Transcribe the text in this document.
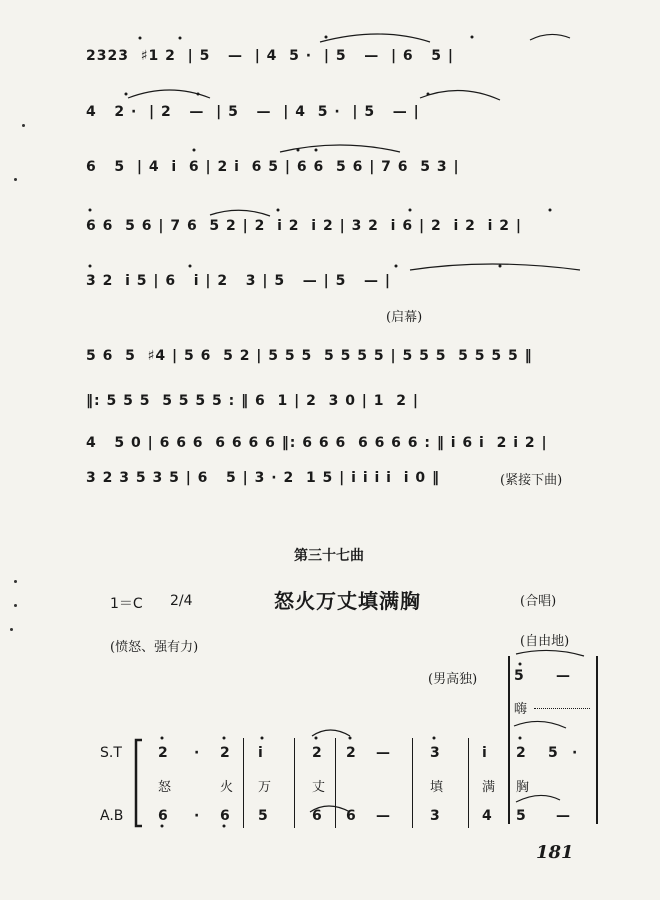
2323  ♯1 2  | 5   —  | 4  5 ·  | 5   —  | 6   5 |
4   2 ·  | 2   —  | 5   —  | 4  5 ·  | 5   — |
6   5  | 4  i  6 | 2 i  6 5 | 6 6  5 6 | 7 6  5 3 |
6 6  5 6 | 7 6  5 2 | 2  i 2  i 2 | 3 2  i 6 | 2  i 2  i 2 |
3 2  i 5 | 6   i | 2   3 | 5   — | 5   — |
(启幕)
5 6  5  ♯4 | 5 6  5 2 | 5 5 5  5 5 5 5 | 5 5 5  5 5 5 5 ‖
‖: 5 5 5  5 5 5 5 : ‖ 6  1 | 2  3 0 | 1  2 |
4   5 0 | 6 6 6  6 6 6 6 ‖: 6 6 6  6 6 6 6 : ‖ i 6 i  2 i 2 |
3 2 3 5 3 5 | 6   5 | 3 · 2  1 5 | i i i i  i 0 ‖	(紧接下曲)
第三十七曲
1＝C 2/4	怒火万丈填满胸	(合唱)
(愤怒、强有力)	(自由地)
(男高独)	5 —
嗨
S.T
A.B
2 · 2 i	2 2 —	3	i 2 5 ·
怒	火 万	丈	填	满 胸
6 · 6 5	6 6 —	3	4 5 —
181
